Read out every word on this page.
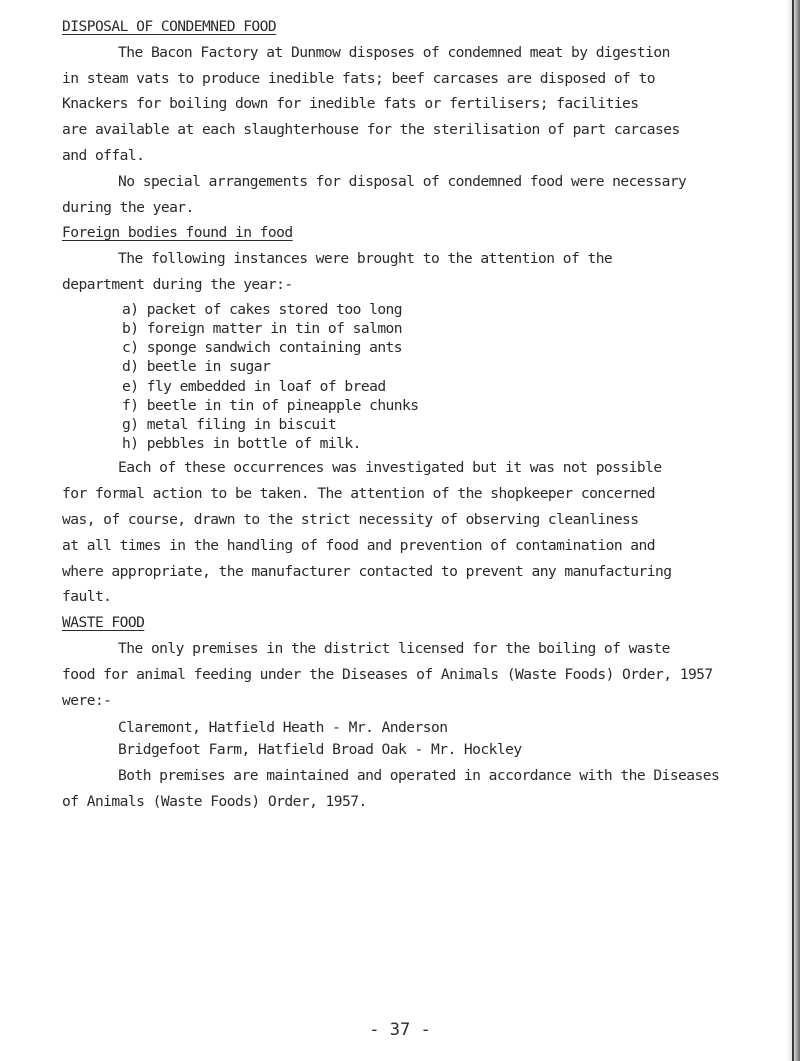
DISPOSAL OF CONDEMNED FOOD

The Bacon Factory at Dunmow disposes of condemned meat by digestion

in steam vats to produce inedible fats; beef carcases are disposed of to

Knackers for boiling down for inedible fats or fertilisers; facilities

are available at each slaughterhouse for the sterilisation of part carcases

and offal.

No special arrangements for disposal of condemned food were necessary

during the year.

Foreign bodies found in food

The following instances were brought to the attention of the

department during the year:-

a) packet of cakes stored too long
b) foreign matter in tin of salmon
c) sponge sandwich containing ants
d) beetle in sugar
e) fly embedded in loaf of bread
f) beetle in tin of pineapple chunks
g) metal filing in biscuit
h) pebbles in bottle of milk.

Each of these occurrences was investigated but it was not possible

for formal action to be taken. The attention of the shopkeeper concerned

was, of course, drawn to the strict necessity of observing cleanliness

at all times in the handling of food and prevention of contamination and

where appropriate, the manufacturer contacted to prevent any manufacturing

fault.

WASTE FOOD

The only premises in the district licensed for the boiling of waste

food for animal feeding under the Diseases of Animals (Waste Foods) Order, 1957

were:-

Claremont, Hatfield Heath - Mr. Anderson

Bridgefoot Farm, Hatfield Broad Oak - Mr. Hockley

Both premises are maintained and operated in accordance with the Diseases

of Animals (Waste Foods) Order, 1957.

- 37 -
